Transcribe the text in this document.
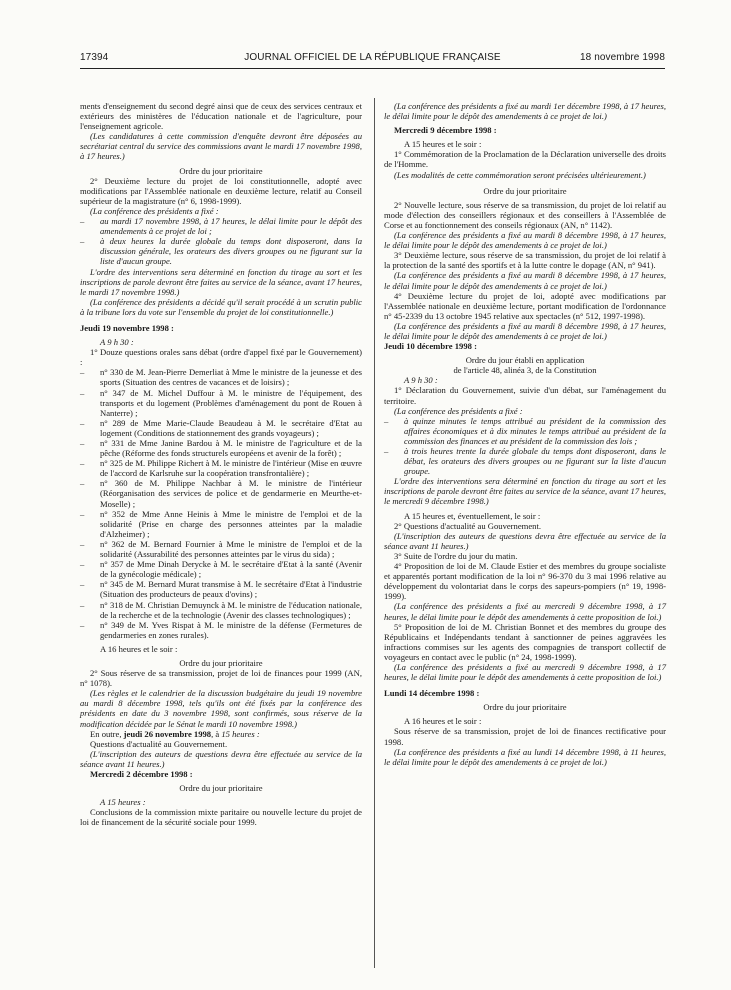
17394	JOURNAL OFFICIEL DE LA RÉPUBLIQUE FRANÇAISE	18 novembre 1998

ments d'enseignement du second degré ainsi que de ceux des services centraux et extérieurs des ministères de l'éducation nationale et de l'agriculture, pour l'enseignement agricole.

(Les candidatures à cette commission d'enquête devront être déposées au secrétariat central du service des commissions avant le mardi 17 novembre 1998, à 17 heures.)

Ordre du jour prioritaire

2° Deuxième lecture du projet de loi constitutionnelle, adopté avec modifications par l'Assemblée nationale en deuxième lecture, relatif au Conseil supérieur de la magistrature (n° 6, 1998-1999).

(La conférence des présidents a fixé :

– au mardi 17 novembre 1998, à 17 heures, le délai limite pour le dépôt des amendements à ce projet de loi ;
– à deux heures la durée globale du temps dont disposeront, dans la discussion générale, les orateurs des divers groupes ou ne figurant sur la liste d'aucun groupe.

L'ordre des interventions sera déterminé en fonction du tirage au sort et les inscriptions de parole devront être faites au service de la séance, avant 17 heures, le mardi 17 novembre 1998.)

(La conférence des présidents a décidé qu'il serait procédé à un scrutin public à la tribune lors du vote sur l'ensemble du projet de loi constitutionnelle.)

Jeudi 19 novembre 1998 :

A 9 h 30 :

1° Douze questions orales sans débat (ordre d'appel fixé par le Gouvernement) :

– n° 330 de M. Jean-Pierre Demerliat à Mme le ministre de la jeunesse et des sports (Situation des centres de vacances et de loisirs) ;
– n° 347 de M. Michel Duffour à M. le ministre de l'équipement, des transports et du logement (Problèmes d'aménagement du pont de Rouen à Nanterre) ;
– n° 289 de Mme Marie-Claude Beaudeau à M. le secrétaire d'Etat au logement (Conditions de stationnement des grands voyageurs) ;
– n° 331 de Mme Janine Bardou à M. le ministre de l'agriculture et de la pêche (Réforme des fonds structurels européens et avenir de la forêt) ;
– n° 325 de M. Philippe Richert à M. le ministre de l'intérieur (Mise en œuvre de l'accord de Karlsruhe sur la coopération transfrontalière) ;
– n° 360 de M. Philippe Nachbar à M. le ministre de l'intérieur (Réorganisation des services de police et de gendarmerie en Meurthe-et-Moselle) ;
– n° 352 de Mme Anne Heinis à Mme le ministre de l'emploi et de la solidarité (Prise en charge des personnes atteintes par la maladie d'Alzheimer) ;
– n° 362 de M. Bernard Fournier à Mme le ministre de l'emploi et de la solidarité (Assurabilité des personnes atteintes par le virus du sida) ;
– n° 357 de Mme Dinah Derycke à M. le secrétaire d'Etat à la santé (Avenir de la gynécologie médicale) ;
– n° 345 de M. Bernard Murat transmise à M. le secrétaire d'Etat à l'industrie (Situation des producteurs de peaux d'ovins) ;
– n° 318 de M. Christian Demuynck à M. le ministre de l'éducation nationale, de la recherche et de la technologie (Avenir des classes technologiques) ;
– n° 349 de M. Yves Rispat à M. le ministre de la défense (Fermetures de gendarmeries en zones rurales).

A 16 heures et le soir :

Ordre du jour prioritaire

2° Sous réserve de sa transmission, projet de loi de finances pour 1999 (AN, n° 1078).

(Les règles et le calendrier de la discussion budgétaire du jeudi 19 novembre au mardi 8 décembre 1998, tels qu'ils ont été fixés par la conférence des présidents en date du 3 novembre 1998, sont confirmés, sous réserve de la modification décidée par le Sénat le mardi 10 novembre 1998.)

En outre, jeudi 26 novembre 1998, à 15 heures :

Questions d'actualité au Gouvernement.

(L'inscription des auteurs de questions devra être effectuée au service de la séance avant 11 heures.)

Mercredi 2 décembre 1998 :

Ordre du jour prioritaire

A 15 heures :

Conclusions de la commission mixte paritaire ou nouvelle lecture du projet de loi de financement de la sécurité sociale pour 1999.

(La conférence des présidents a fixé au mardi 1er décembre 1998, à 17 heures, le délai limite pour le dépôt des amendements à ce projet de loi.)

Mercredi 9 décembre 1998 :

A 15 heures et le soir :

1° Commémoration de la Proclamation de la Déclaration universelle des droits de l'Homme.

(Les modalités de cette commémoration seront précisées ultérieurement.)

Ordre du jour prioritaire

2° Nouvelle lecture, sous réserve de sa transmission, du projet de loi relatif au mode d'élection des conseillers régionaux et des conseillers à l'Assemblée de Corse et au fonctionnement des conseils régionaux (AN, n° 1142).

(La conférence des présidents a fixé au mardi 8 décembre 1998, à 17 heures, le délai limite pour le dépôt des amendements à ce projet de loi.)

3° Deuxième lecture, sous réserve de sa transmission, du projet de loi relatif à la protection de la santé des sportifs et à la lutte contre le dopage (AN, n° 941).

(La conférence des présidents a fixé au mardi 8 décembre 1998, à 17 heures, le délai limite pour le dépôt des amendements à ce projet de loi.)

4° Deuxième lecture du projet de loi, adopté avec modifications par l'Assemblée nationale en deuxième lecture, portant modification de l'ordonnance n° 45-2339 du 13 octobre 1945 relative aux spectacles (n° 512, 1997-1998).

(La conférence des présidents a fixé au mardi 8 décembre 1998, à 17 heures, le délai limite pour le dépôt des amendements à ce projet de loi.)

Jeudi 10 décembre 1998 :

Ordre du jour établi en application

de l'article 48, alinéa 3, de la Constitution

A 9 h 30 :

1° Déclaration du Gouvernement, suivie d'un débat, sur l'aménagement du territoire.

(La conférence des présidents a fixé :

– à quinze minutes le temps attribué au président de la commission des affaires économiques et à dix minutes le temps attribué au président de la commission des finances et au président de la commission des lois ;
– à trois heures trente la durée globale du temps dont disposeront, dans le débat, les orateurs des divers groupes ou ne figurant sur la liste d'aucun groupe.

L'ordre des interventions sera déterminé en fonction du tirage au sort et les inscriptions de parole devront être faites au service de la séance, avant 17 heures, le mercredi 9 décembre 1998.)

A 15 heures et, éventuellement, le soir :

2° Questions d'actualité au Gouvernement.

(L'inscription des auteurs de questions devra être effectuée au service de la séance avant 11 heures.)

3° Suite de l'ordre du jour du matin.

4° Proposition de loi de M. Claude Estier et des membres du groupe socialiste et apparentés portant modification de la loi n° 96-370 du 3 mai 1996 relative au développement du volontariat dans le corps des sapeurs-pompiers (n° 19, 1998-1999).

(La conférence des présidents a fixé au mercredi 9 décembre 1998, à 17 heures, le délai limite pour le dépôt des amendements à cette proposition de loi.)

5° Proposition de loi de M. Christian Bonnet et des membres du groupe des Républicains et Indépendants tendant à sanctionner de peines aggravées les infractions commises sur les agents des compagnies de transport collectif de voyageurs en contact avec le public (n° 24, 1998-1999).

(La conférence des présidents a fixé au mercredi 9 décembre 1998, à 17 heures, le délai limite pour le dépôt des amendements à cette proposition de loi.)

Lundi 14 décembre 1998 :

Ordre du jour prioritaire

A 16 heures et le soir :

Sous réserve de sa transmission, projet de loi de finances rectificative pour 1998.

(La conférence des présidents a fixé au lundi 14 décembre 1998, à 11 heures, le délai limite pour le dépôt des amendements à ce projet de loi.)
